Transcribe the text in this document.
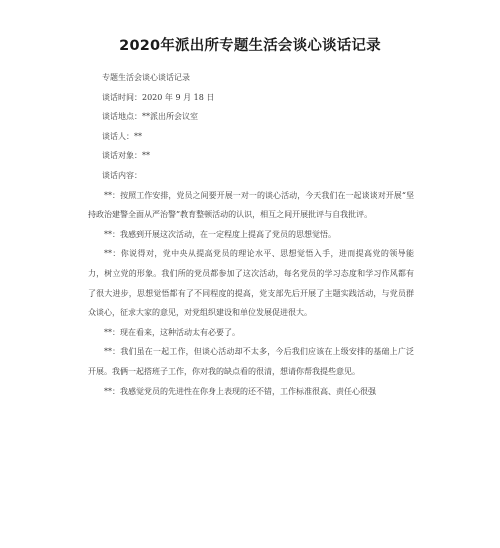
2020年派出所专题生活会谈心谈话记录

专题生活会谈心谈话记录

谈话时间：2020 年 9 月 18 日

谈话地点：**派出所会议室

谈话人：**

谈话对象：**

谈话内容：

**：按照工作安排，党员之间要开展一对一的谈心活动，今天我们在一起谈谈对开展“坚持政治建警全面从严治警”教育整顿活动的认识，相互之间开展批评与自我批评。

**：我感到开展这次活动，在一定程度上提高了党员的思想觉悟。

**：你说得对，党中央从提高党员的理论水平、思想觉悟入手，进而提高党的领导能力，树立党的形象。我们所的党员都参加了这次活动，每名党员的学习态度和学习作风都有了很大进步，思想觉悟都有了不同程度的提高，党支部先后开展了主题实践活动，与党员群众谈心，征求大家的意见，对党组织建设和单位发展促进很大。

**：现在看来，这种活动太有必要了。

**：我们虽在一起工作，但谈心活动却不太多，今后我们应该在上级安排的基础上广泛开展。我俩一起搭班子工作，你对我的缺点看的很清，想请你帮我提些意见。

**：我感觉党员的先进性在你身上表现的还不错，工作标准很高、责任心很强
